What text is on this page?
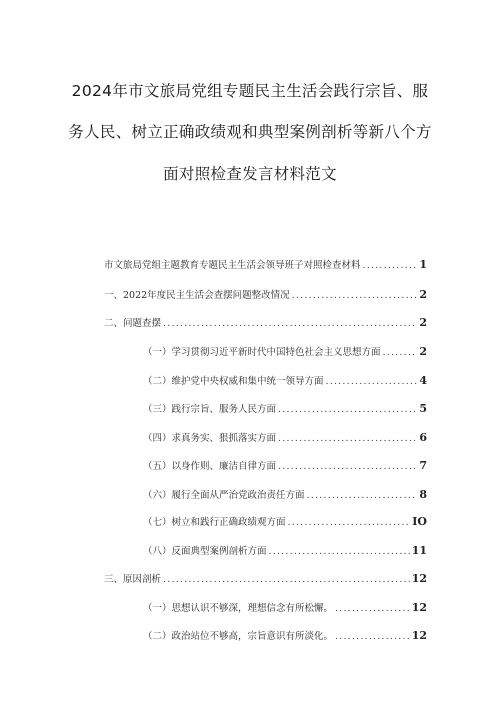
2024年市文旅局党组专题民主生活会践行宗旨、服
务人民、树立正确政绩观和典型案例剖析等新八个方
面对照检查发言材料范文
市文旅局党组主题教育专题民主生活会领导班子对照检查材料 .....	1
一、2022年度民主生活会查摆问题整改情况 .....	2
二、问题查摆 .....	2
（一）学习贯彻习近平新时代中国特色社会主义思想方面 .....	2
（二）维护党中央权威和集中统一领导方面 .....	4
（三）践行宗旨、服务人民方面 .....	5
（四）求真务实、狠抓落实方面 .....	6
（五）以身作则、廉洁自律方面 .....	7
（六）履行全面从严治党政治责任方面 .....	8
（七）树立和践行正确政绩观方面 .....	IO
（八）反面典型案例剖析方面 .....	11
三、原因剖析 .....	12
（一）思想认识不够深，理想信念有所松懈。 .....	12
（二）政治站位不够高，宗旨意识有所淡化。 .....	12
